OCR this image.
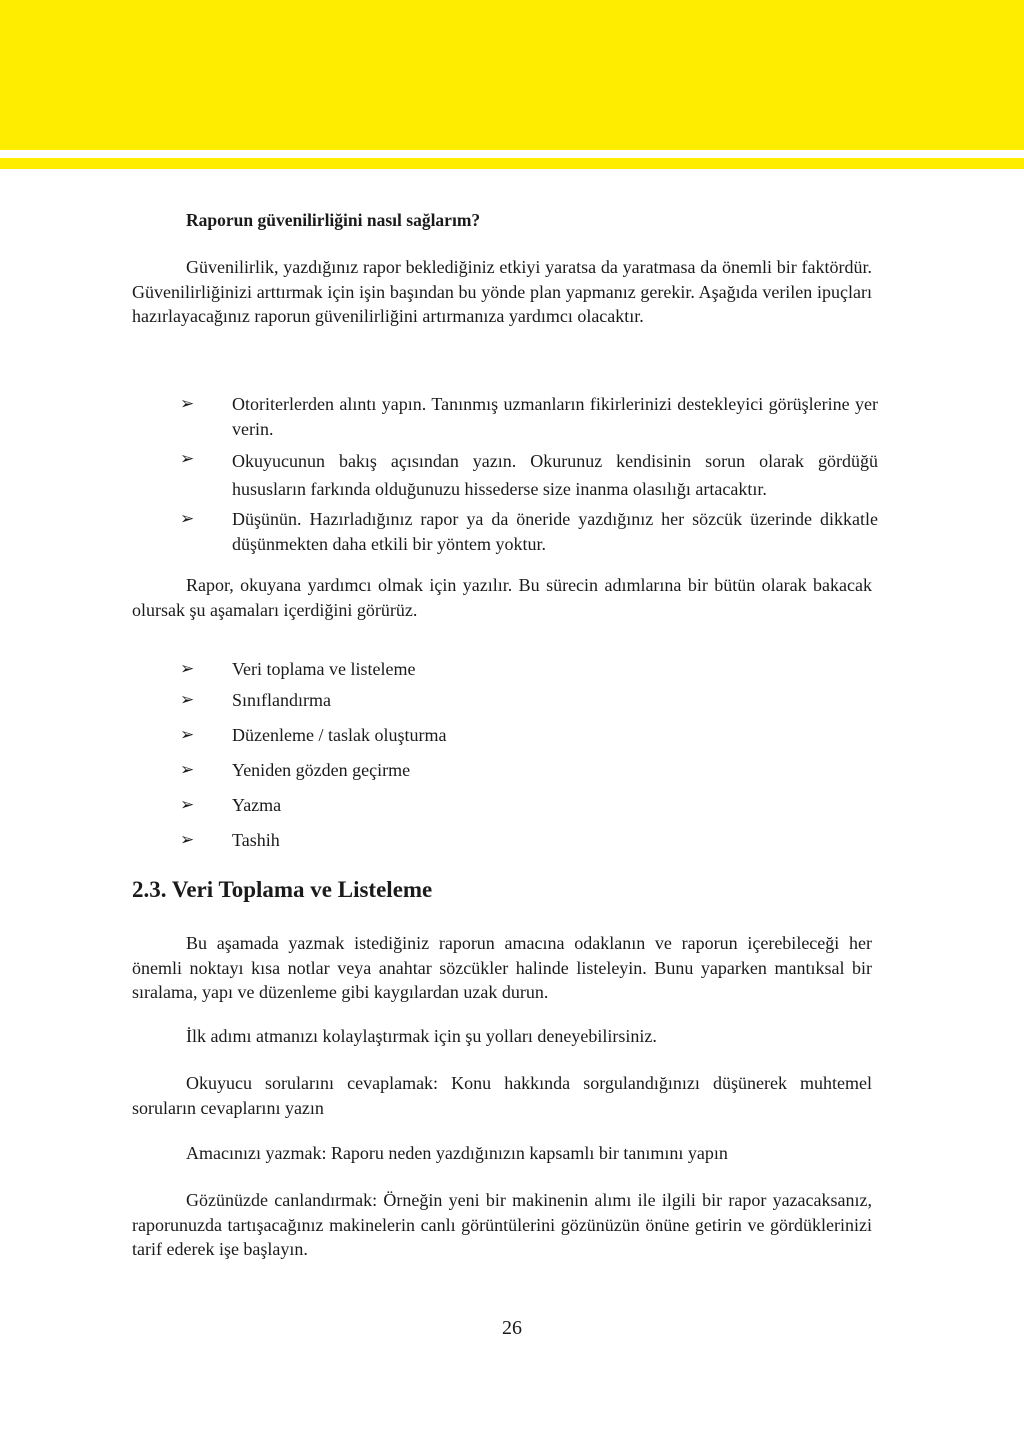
Raporun güvenilirliğini nasıl sağlarım?

Güvenilirlik, yazdığınız rapor beklediğiniz etkiyi yaratsa da yaratmasa da önemli bir faktördür. Güvenilirliğinizi arttırmak için işin başından bu yönde plan yapmanız gerekir. Aşağıda verilen ipuçları hazırlayacağınız raporun güvenilirliğini artırmanıza yardımcı olacaktır.

➢ Otoriterlerden alıntı yapın. Tanınmış uzmanların fikirlerinizi destekleyici görüşlerine yer verin.
➢ Okuyucunun bakış açısından yazın. Okurunuz kendisinin sorun olarak gördüğü hususların farkında olduğunuzu hissederse size inanma olasılığı artacaktır.
➢ Düşünün. Hazırladığınız rapor ya da öneride yazdığınız her sözcük üzerinde dikkatle düşünmekten daha etkili bir yöntem yoktur.

Rapor, okuyana yardımcı olmak için yazılır. Bu sürecin adımlarına bir bütün olarak bakacak olursak şu aşamaları içerdiğini görürüz.

➢ Veri toplama ve listeleme
➢ Sınıflandırma
➢ Düzenleme / taslak oluşturma
➢ Yeniden gözden geçirme
➢ Yazma
➢ Tashih
2.3. Veri Toplama ve Listeleme

Bu aşamada yazmak istediğiniz raporun amacına odaklanın ve raporun içerebileceği her önemli noktayı kısa notlar veya anahtar sözcükler halinde listeleyin. Bunu yaparken mantıksal bir sıralama, yapı ve düzenleme gibi kaygılardan uzak durun.

İlk adımı atmanızı kolaylaştırmak için şu yolları deneyebilirsiniz.

Okuyucu sorularını cevaplamak: Konu hakkında sorgulandığınızı düşünerek muhtemel soruların cevaplarını yazın

Amacınızı yazmak: Raporu neden yazdığınızın kapsamlı bir tanımını yapın

Gözünüzde canlandırmak: Örneğin yeni bir makinenin alımı ile ilgili bir rapor yazacaksanız, raporunuzda tartışacağınız makinelerin canlı görüntülerini gözünüzün önüne getirin ve gördüklerinizi tarif ederek işe başlayın.

26
